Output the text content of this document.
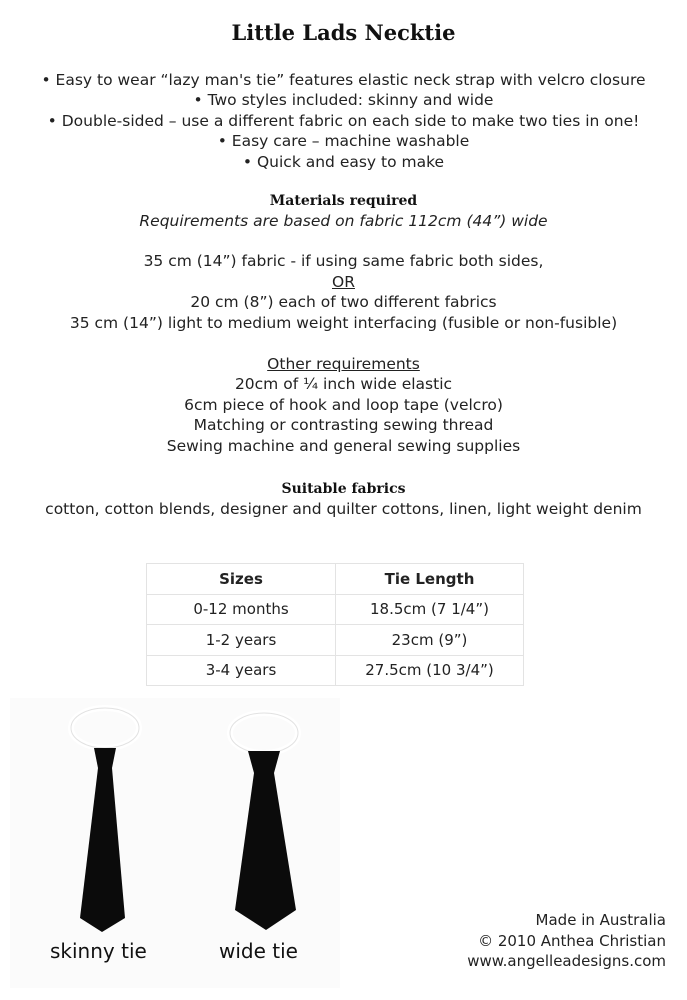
Little Lads Necktie
• Easy to wear “lazy man's tie” features elastic neck strap with velcro closure
• Two styles included: skinny and wide
• Double-sided – use a different fabric on each side to make two ties in one!
• Easy care – machine washable
• Quick and easy to make
Materials required
Requirements are based on fabric 112cm (44”) wide
35 cm (14”) fabric - if using same fabric both sides,
OR
20 cm (8”) each of two different fabrics
35 cm (14”) light to medium weight interfacing (fusible or non-fusible)
Other requirements
20cm of ¼ inch wide elastic
6cm piece of hook and loop tape (velcro)
Matching or contrasting sewing thread
Sewing machine and general sewing supplies
Suitable fabrics
cotton, cotton blends, designer and quilter cottons, linen, light weight denim
Sizes	Tie Length
0-12 months	18.5cm (7 1/4”)
1-2 years	23cm (9”)
3-4 years	27.5cm (10 3/4”)
skinny tie	wide tie
Made in Australia
© 2010 Anthea Christian
www.angelleadesigns.com
